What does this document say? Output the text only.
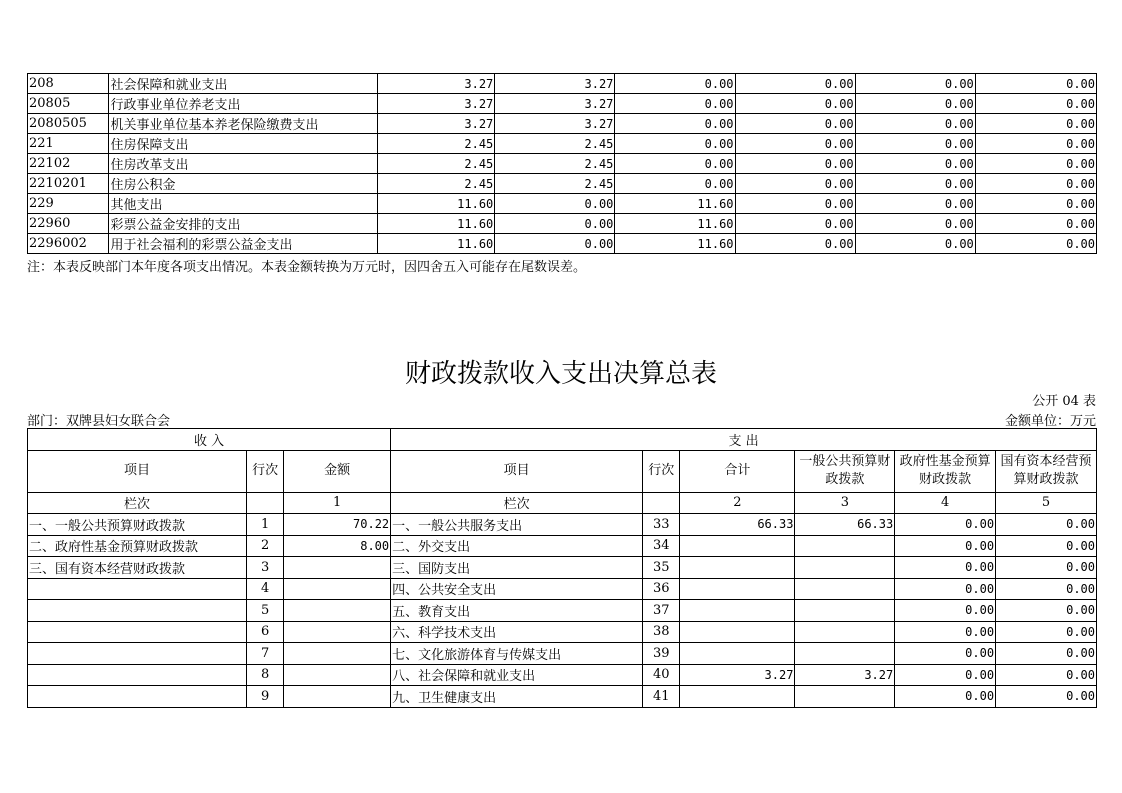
208	社会保障和就业支出	3.27	3.27	0.00	0.00	0.00	0.00
20805	行政事业单位养老支出	3.27	3.27	0.00	0.00	0.00	0.00
2080505	机关事业单位基本养老保险缴费支出	3.27	3.27	0.00	0.00	0.00	0.00
221	住房保障支出	2.45	2.45	0.00	0.00	0.00	0.00
22102	住房改革支出	2.45	2.45	0.00	0.00	0.00	0.00
2210201	住房公积金	2.45	2.45	0.00	0.00	0.00	0.00
229	其他支出	11.60	0.00	11.60	0.00	0.00	0.00
22960	彩票公益金安排的支出	11.60	0.00	11.60	0.00	0.00	0.00
2296002	用于社会福利的彩票公益金支出	11.60	0.00	11.60	0.00	0.00	0.00
注：本表反映部门本年度各项支出情况。本表金额转换为万元时，因四舍五入可能存在尾数误差。
财政拨款收入支出决算总表
公开 04 表
部门：双牌县妇女联合会	金额单位：万元
收 入			支 出					
项目	行次	金额	项目	行次	合计	一般公共预算财政拨款	政府性基金预算财政拨款	国有资本经营预算财政拨款
栏次		1	栏次		2	3	4	5
一、一般公共预算财政拨款	1	70.22	一、一般公共服务支出	33	66.33	66.33	0.00	0.00
二、政府性基金预算财政拨款	2	8.00	二、外交支出	34			0.00	0.00
三、国有资本经营财政拨款	3		三、国防支出	35			0.00	0.00
	4		四、公共安全支出	36			0.00	0.00
	5		五、教育支出	37			0.00	0.00
	6		六、科学技术支出	38			0.00	0.00
	7		七、文化旅游体育与传媒支出	39			0.00	0.00
	8		八、社会保障和就业支出	40	3.27	3.27	0.00	0.00
	9		九、卫生健康支出	41			0.00	0.00
